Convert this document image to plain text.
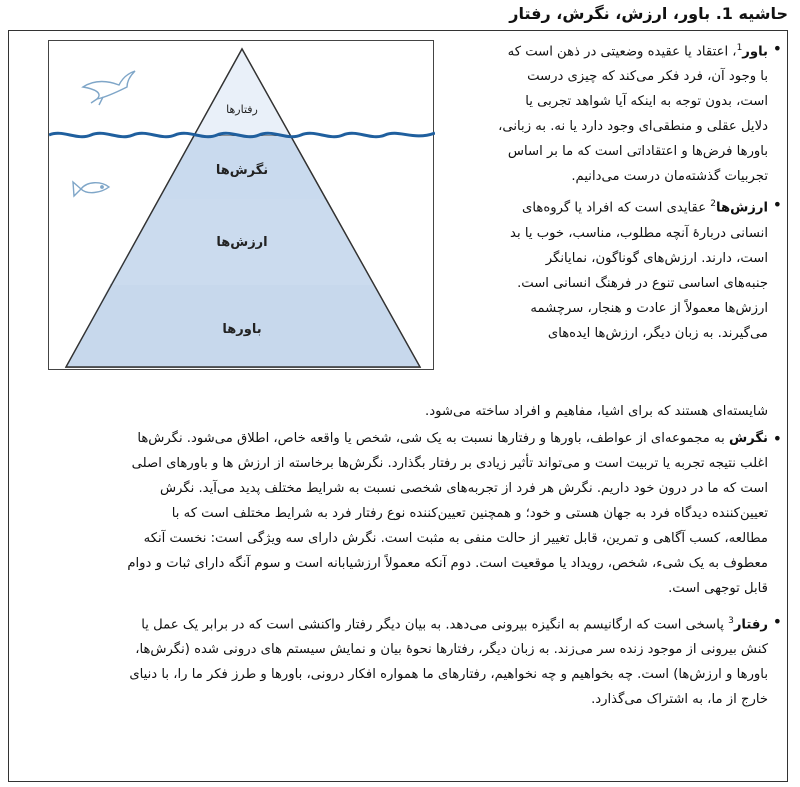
حاشیه 1. باور، ارزش، نگرش، رفتار
رفتارها
نگرش‌ها
ارزش‌ها
باورها
• باور$^1$، اعتقاد یا عقیده وضعیتی در ذهن است که
با وجود آن، فرد فکر می‌کند که چیزی درست
است، بدون توجه به اینکه آیا شواهد تجربی یا
دلایل عقلی و منطقی‌ای وجود دارد یا نه. به زبانی،
باورها فرض‌ها و اعتقاداتی است که ما بر اساس
تجربیات گذشته‌مان درست می‌دانیم.
• ارزش‌ها$^2$ عقایدی است که افراد یا گروه‌های
انسانی دربارهٔ آنچه مطلوب، مناسب، خوب یا بد
است، دارند. ارزش‌های گوناگون، نمایانگر
جنبه‌های اساسی تنوع در فرهنگ انسانی است.
ارزش‌ها معمولاً از عادت و هنجار، سرچشمه
می‌گیرند. به زبان دیگر، ارزش‌ها ایده‌های
شایسته‌ای هستند که برای اشیا، مفاهیم و افراد ساخته می‌شود.
• نگرش به مجموعه‌ای از عواطف، باورها و رفتارها نسبت به یک شی، شخص یا واقعه خاص، اطلاق می‌شود. نگرش‌ها
اغلب نتیجه تجربه یا تربیت است و می‌تواند تأثیر زیادی بر رفتار بگذارد. نگرش‌ها برخاسته از ارزش ها و باورهای اصلی
است که ما در درون خود داریم. نگرش هر فرد از تجربه‌های شخصی نسبت به شرایط مختلف پدید می‌آید. نگرش
تعیین‌کننده دیدگاه فرد به جهان هستی و خود؛ و همچنین تعیین‌کننده نوع رفتار فرد به شرایط مختلف است که با
مطالعه، کسب آگاهی و تمرین، قابل تغییر از حالت منفی به مثبت است. نگرش دارای سه ویژگی است: نخست آنکه
معطوف به یک شیء، شخص، رویداد یا موقعیت است. دوم آنکه معمولاً ارزشیابانه است و سوم آنگه دارای ثبات و دوام
قابل توجهی است.
• رفتار$^3$ پاسخی است که ارگانیسم به انگیزه بیرونی می‌دهد. به بیان دیگر رفتار واکنشی است که در برابر یک عمل یا
کنش بیرونی از موجود زنده سر می‌زند. به زبان دیگر، رفتارها نحوهٔ بیان و نمایش سیستم های درونی شده (نگرش‌ها،
باورها و ارزش‌ها) است. چه بخواهیم و چه نخواهیم، رفتارهای ما همواره افکار درونی، باورها و طرز فکر ما را، با دنیای
خارج از ما، به اشتراک می‌گذارد.
